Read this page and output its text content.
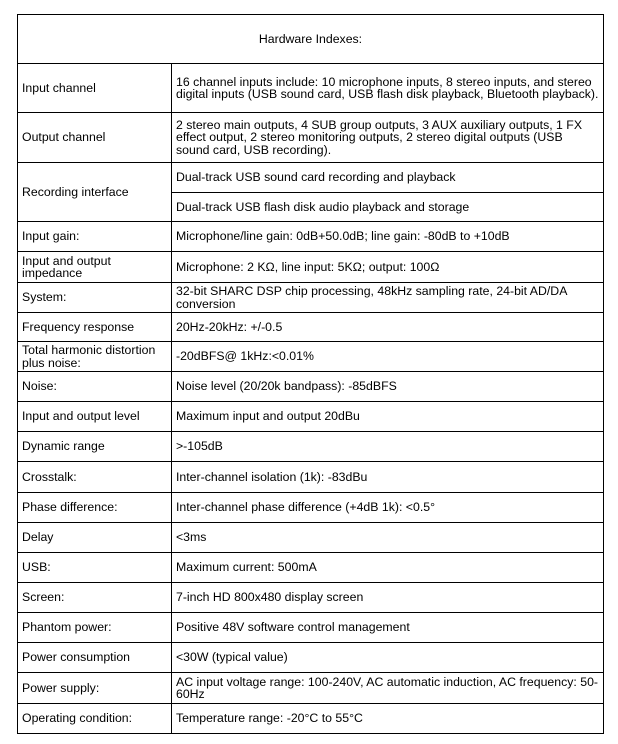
Hardware Indexes:	
Input channel	16 channel inputs include: 10 microphone inputs, 8 stereo inputs, and stereo digital inputs (USB sound card, USB flash disk playback, Bluetooth playback).
Output channel	2 stereo main outputs, 4 SUB group outputs, 3 AUX auxiliary outputs, 1 FX effect output, 2 stereo monitoring outputs, 2 stereo digital outputs (USB sound card, USB recording).
Recording interface	Dual-track USB sound card recording and playback
	Dual-track USB flash disk audio playback and storage
Input gain:	Microphone/line gain: 0dB+50.0dB; line gain: -80dB to +10dB
Input and output impedance	Microphone: 2 KΩ, line input: 5KΩ; output: 100Ω
System:	32-bit SHARC DSP chip processing, 48kHz sampling rate, 24-bit AD/DA conversion
Frequency response	20Hz-20kHz: +/-0.5
Total harmonic distortion plus noise:	-20dBFS@ 1kHz:<0.01%
Noise:	Noise level (20/20k bandpass): -85dBFS
Input and output level	Maximum input and output 20dBu
Dynamic range	>-105dB
Crosstalk:	Inter-channel isolation (1k): -83dBu
Phase difference:	Inter-channel phase difference (+4dB 1k): <0.5°
Delay	<3ms
USB:	Maximum current: 500mA
Screen:	7-inch HD 800x480 display screen
Phantom power:	Positive 48V software control management
Power consumption	<30W (typical value)
Power supply:	AC input voltage range: 100-240V, AC automatic induction, AC frequency: 50-60Hz
Operating condition:	Temperature range: -20°C to 55°C
